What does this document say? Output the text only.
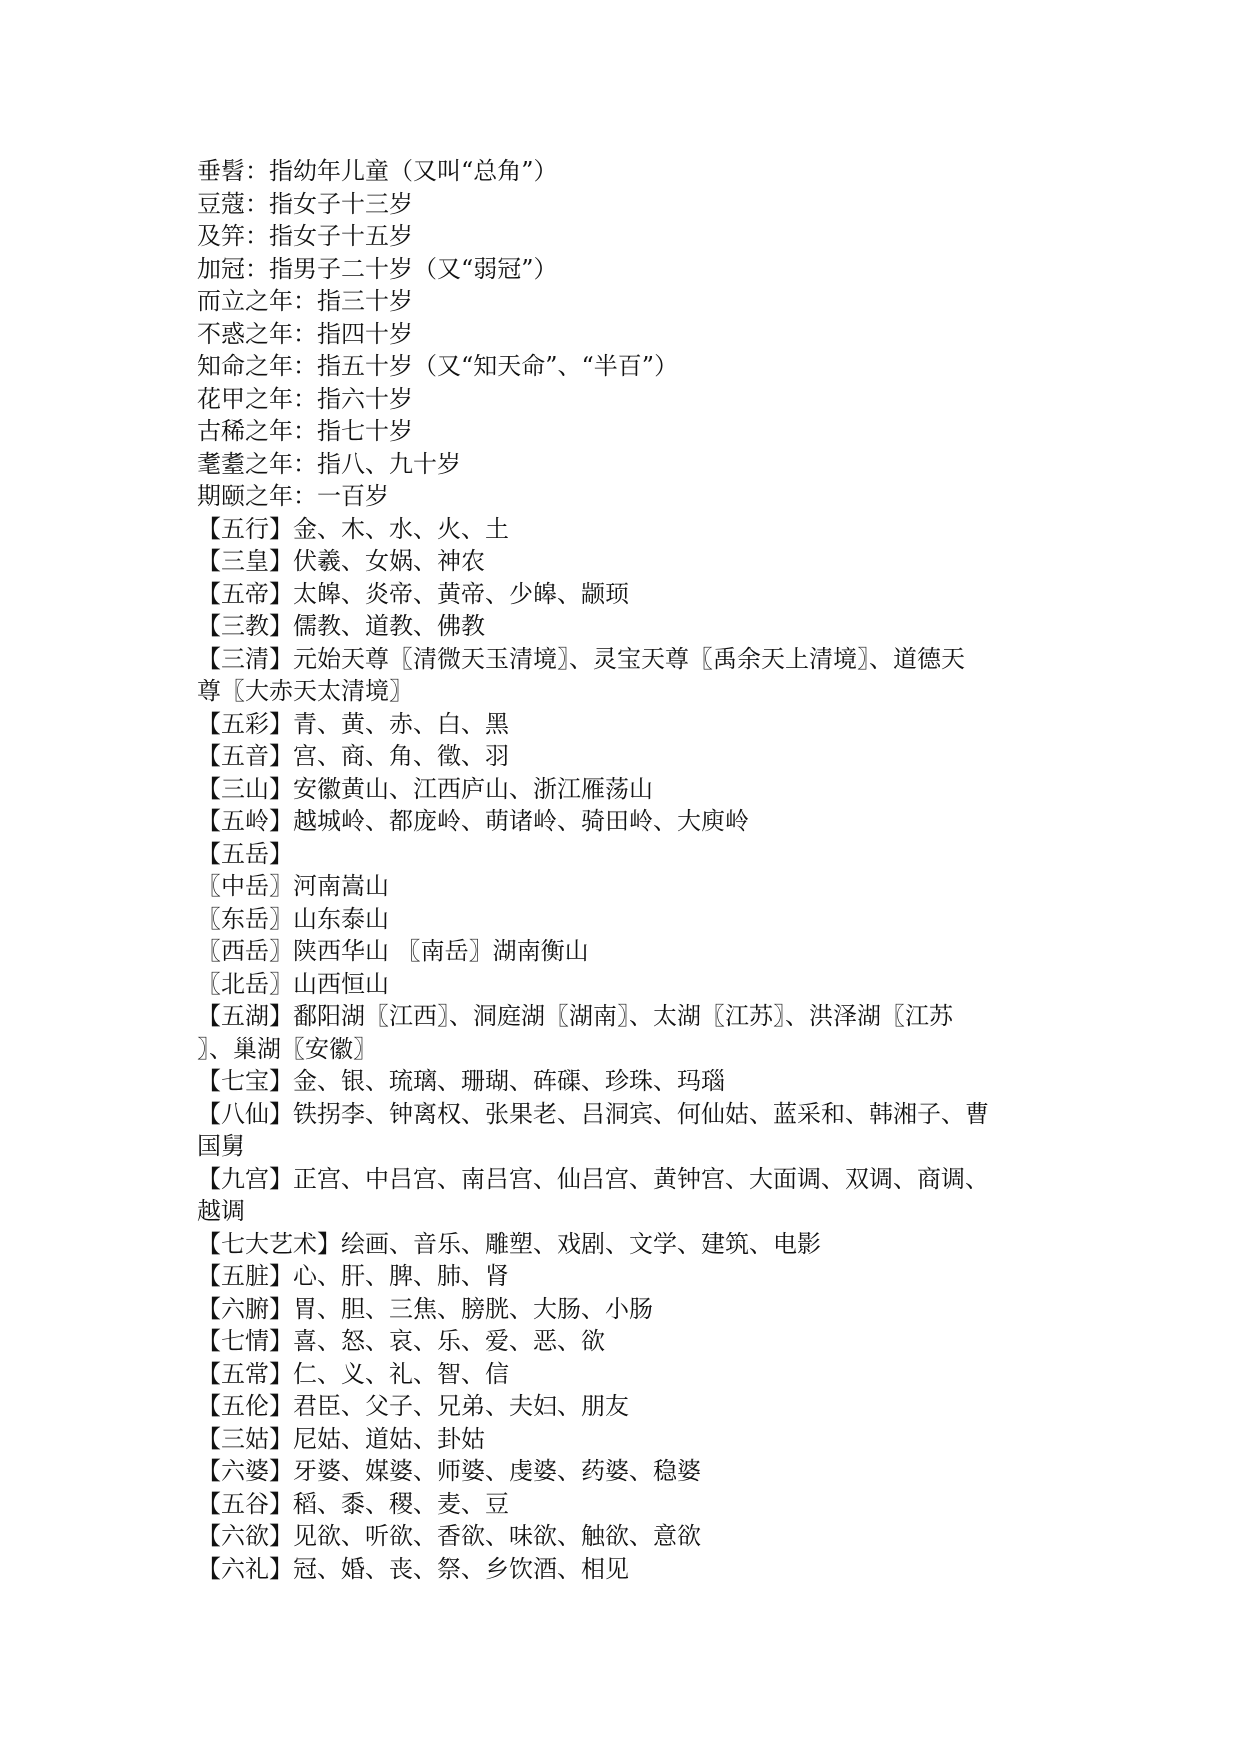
垂髫：指幼年儿童（又叫“总角”）
豆蔻：指女子十三岁
及笄：指女子十五岁
加冠：指男子二十岁（又“弱冠”）
而立之年：指三十岁
不惑之年：指四十岁
知命之年：指五十岁（又“知天命”、“半百”）
花甲之年：指六十岁
古稀之年：指七十岁
耄耋之年：指八、九十岁
期颐之年：一百岁
【五行】金、木、水、火、土
【三皇】伏羲、女娲、神农
【五帝】太皞、炎帝、黄帝、少皞、颛顼
【三教】儒教、道教、佛教
【三清】元始天尊〖清微天玉清境〗、灵宝天尊〖禹余天上清境〗、道德天
尊〖大赤天太清境〗
【五彩】青、黄、赤、白、黑
【五音】宫、商、角、徵、羽
【三山】安徽黄山、江西庐山、浙江雁荡山
【五岭】越城岭、都庞岭、萌诸岭、骑田岭、大庾岭
【五岳】
〖中岳〗河南嵩山
〖东岳〗山东泰山
〖西岳〗陕西华山 〖南岳〗湖南衡山
〖北岳〗山西恒山
【五湖】鄱阳湖〖江西〗、洞庭湖〖湖南〗、太湖〖江苏〗、洪泽湖〖江苏
〗、巢湖〖安徽〗
【七宝】金、银、琉璃、珊瑚、砗磲、珍珠、玛瑙
【八仙】铁拐李、钟离权、张果老、吕洞宾、何仙姑、蓝采和、韩湘子、曹
国舅
【九宫】正宫、中吕宫、南吕宫、仙吕宫、黄钟宫、大面调、双调、商调、
越调
【七大艺术】绘画、音乐、雕塑、戏剧、文学、建筑、电影
【五脏】心、肝、脾、肺、肾
【六腑】胃、胆、三焦、膀胱、大肠、小肠
【七情】喜、怒、哀、乐、爱、恶、欲
【五常】仁、义、礼、智、信
【五伦】君臣、父子、兄弟、夫妇、朋友
【三姑】尼姑、道姑、卦姑
【六婆】牙婆、媒婆、师婆、虔婆、药婆、稳婆
【五谷】稻、黍、稷、麦、豆
【六欲】见欲、听欲、香欲、味欲、触欲、意欲
【六礼】冠、婚、丧、祭、乡饮酒、相见
